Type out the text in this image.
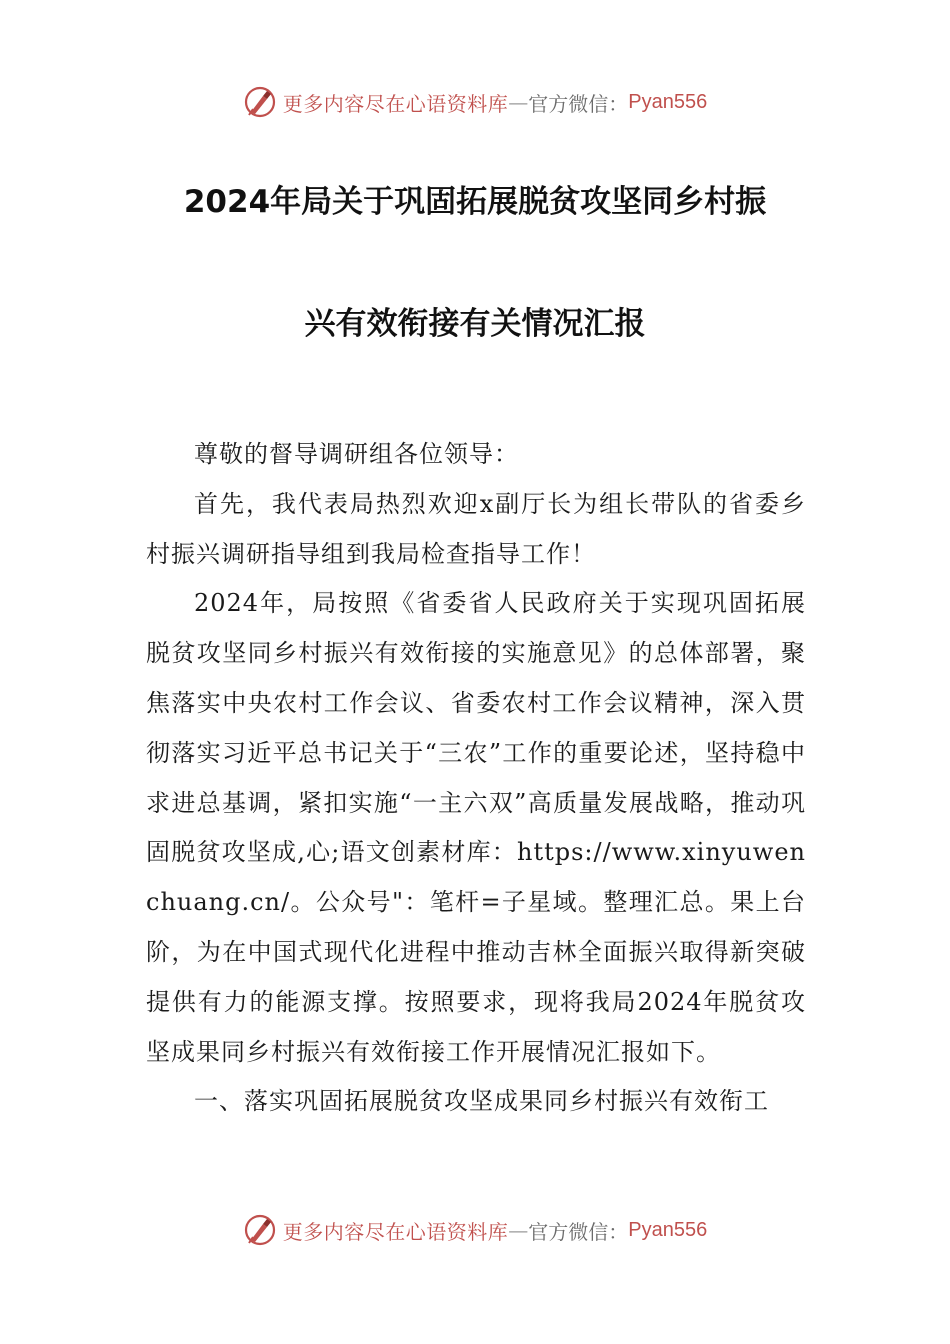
更多内容尽在心语资料库 — 官方微信： Pyan556
2024年局关于巩固拓展脱贫攻坚同乡村振
兴有效衔接有关情况汇报

尊敬的督导调研组各位领导：

首先，我代表局热烈欢迎x副厅长为组长带队的省委乡村振兴调研指导组到我局检查指导工作！

2024年，局按照《省委省人民政府关于实现巩固拓展脱贫攻坚同乡村振兴有效衔接的实施意见》的总体部署，聚焦落实中央农村工作会议、省委农村工作会议精神，深入贯彻落实习近平总书记关于“三农”工作的重要论述，坚持稳中求进总基调，紧扣实施“一主六双”高质量发展战略，推动巩固脱贫攻坚成,心;语文创素材库：https://www.xinyuwenchuang.cn/。公众号"：笔杆=子星域。整理汇总。果上台阶，为在中国式现代化进程中推动吉林全面振兴取得新突破提供有力的能源支撑。按照要求，现将我局2024年脱贫攻坚成果同乡村振兴有效衔接工作开展情况汇报如下。

一、落实巩固拓展脱贫攻坚成果同乡村振兴有效衔工

更多内容尽在心语资料库 — 官方微信： Pyan556
